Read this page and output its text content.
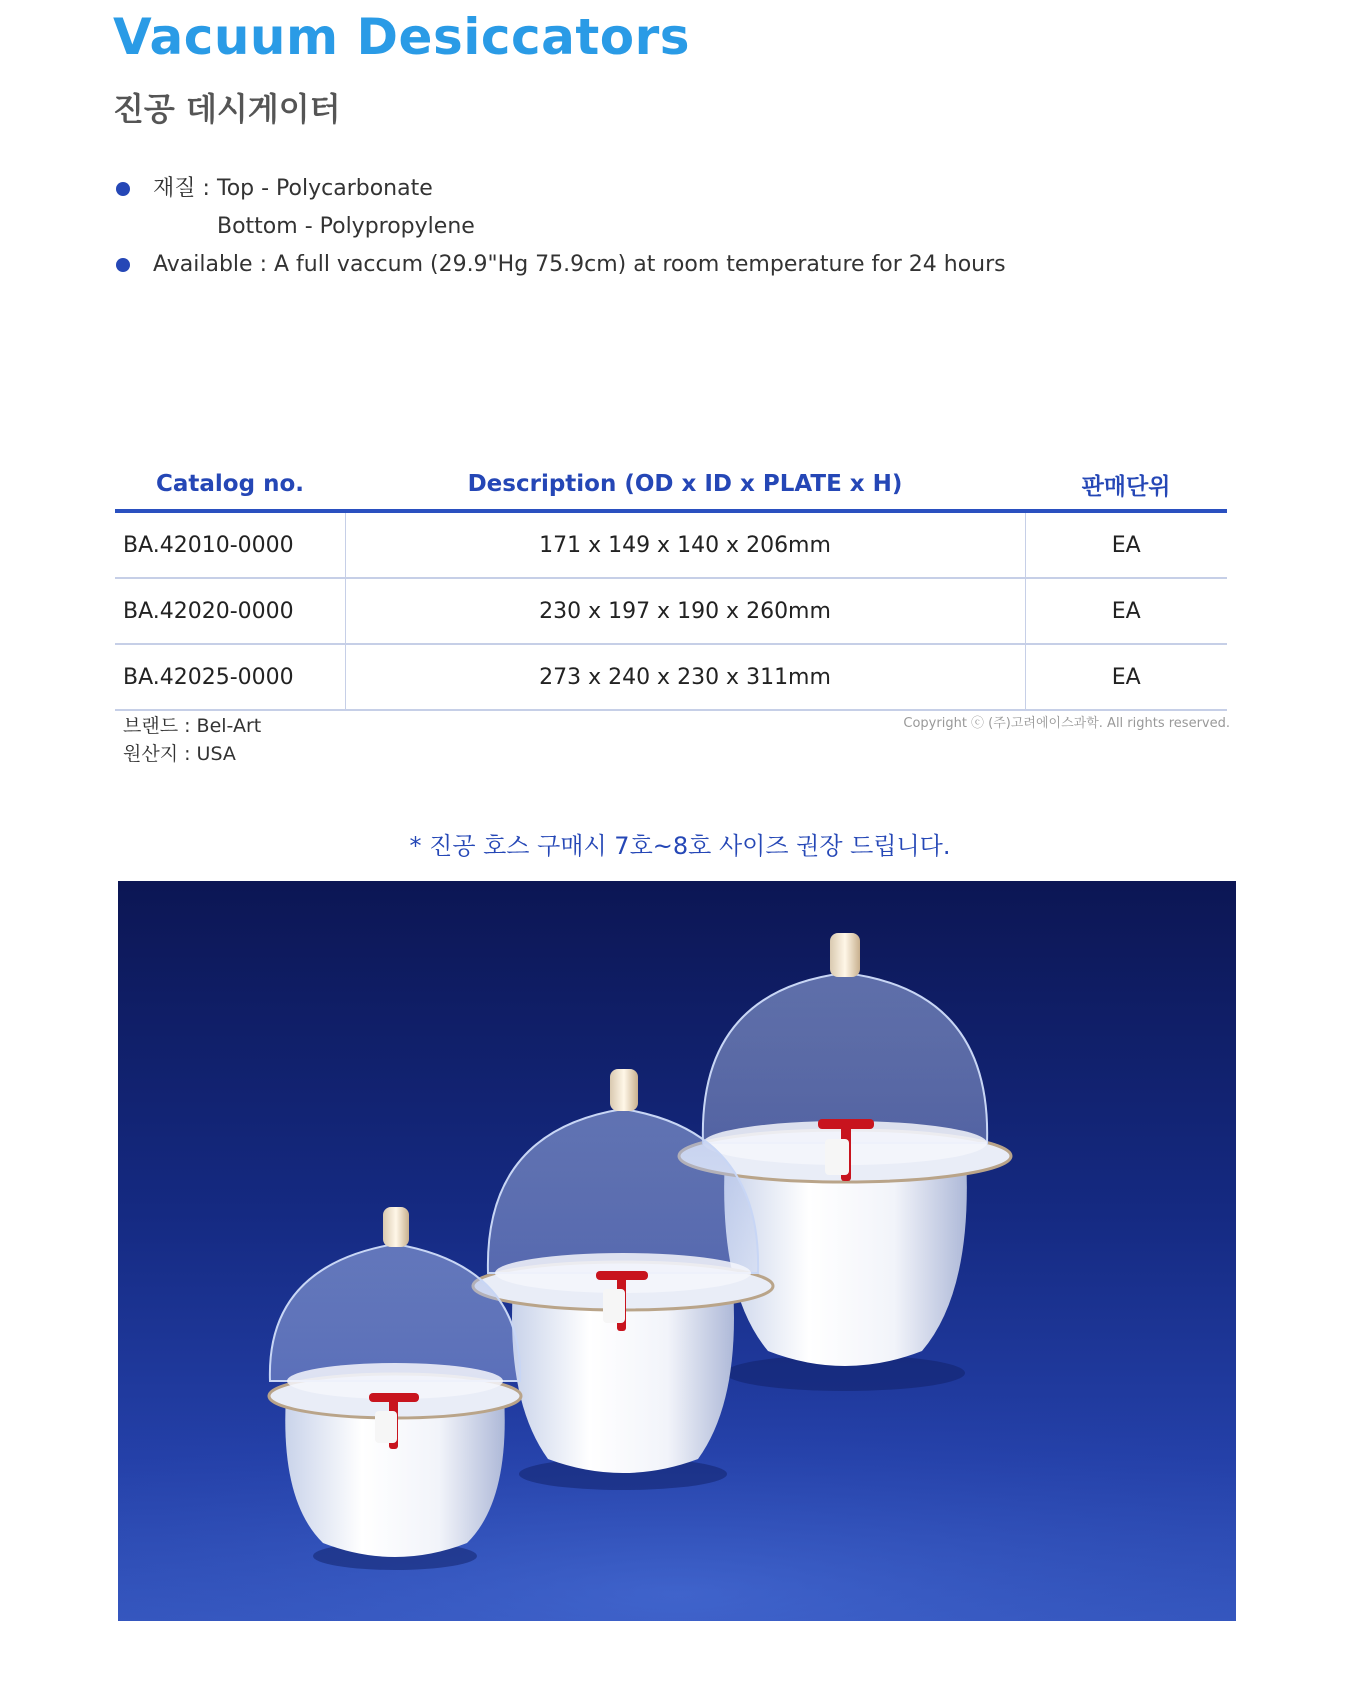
Vacuum Desiccators
진공 데시게이터
재질 : Top - Polycarbonate
Bottom - Polypropylene
Available : A full vaccum (29.9"Hg 75.9cm) at room temperature for 24 hours
Catalog no.	Description (OD x ID x PLATE x H)	판매단위
BA.42010-0000	171 x 149 x 140 x 206mm	EA
BA.42020-0000	230 x 197 x 190 x 260mm	EA
BA.42025-0000	273 x 240 x 230 x 311mm	EA
브랜드 : Bel-Art
원산지 : USA
Copyright ⓒ (주)고려에이스과학. All rights reserved.
* 진공 호스 구매시 7호~8호 사이즈 권장 드립니다.
